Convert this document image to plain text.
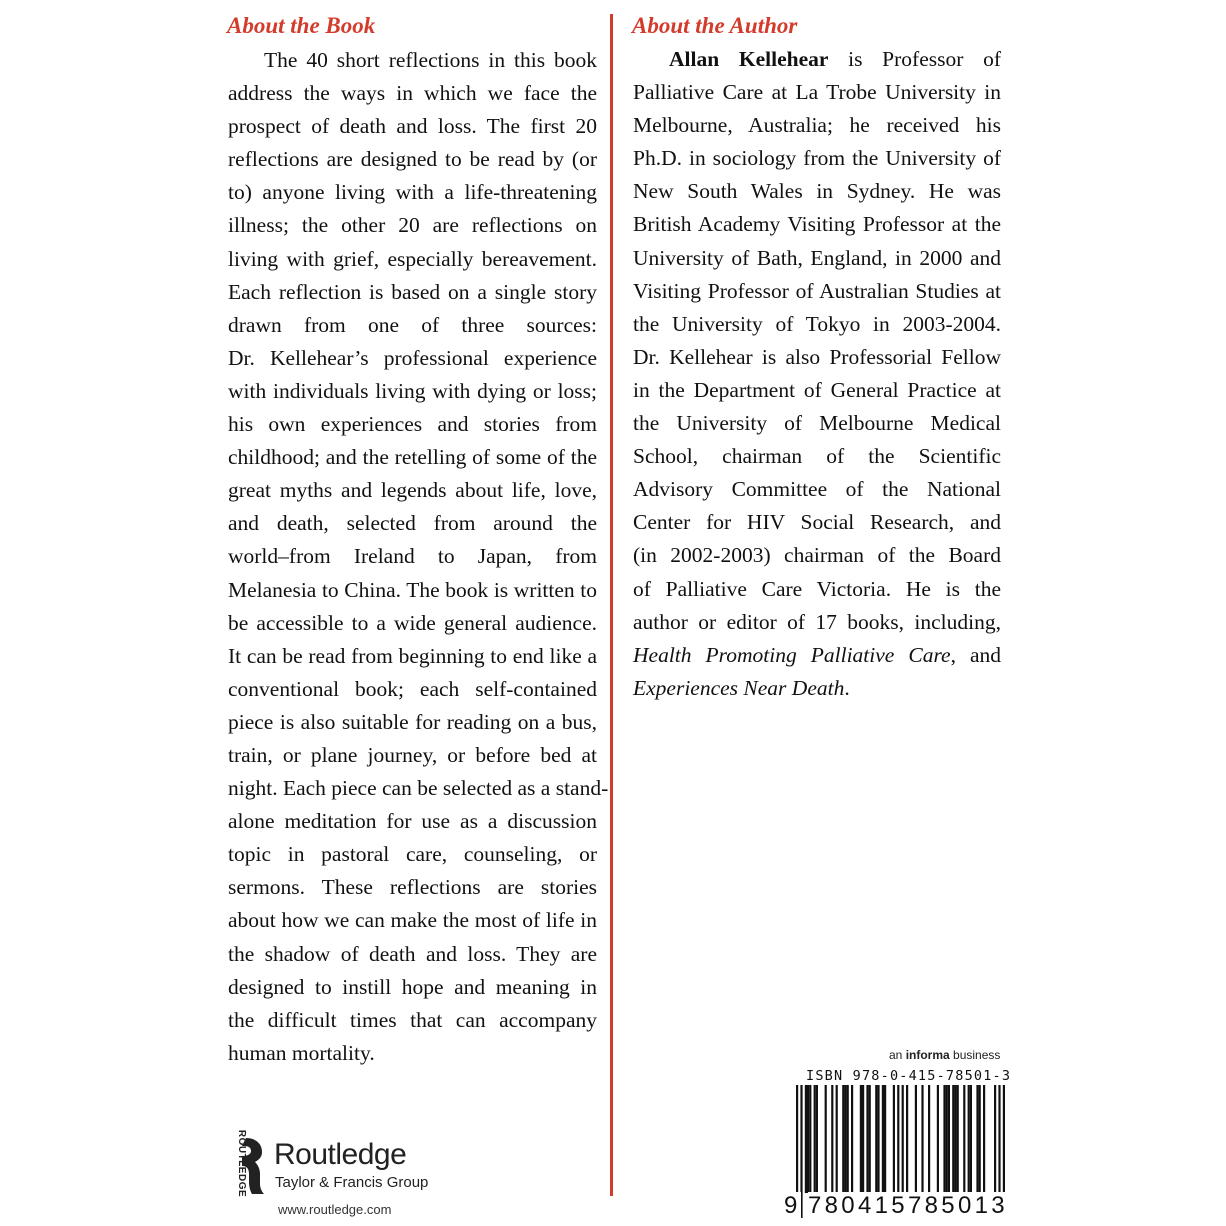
About the Book
The 40 short reflections in this book
address the ways in which we face the
prospect of death and loss. The first 20
reflections are designed to be read by (or
to) anyone living with a life-threatening
illness; the other 20 are reflections on
living with grief, especially bereavement.
Each reflection is based on a single story
drawn from one of three sources:
Dr. Kellehear’s professional experience
with individuals living with dying or loss;
his own experiences and stories from
childhood; and the retelling of some of the
great myths and legends about life, love,
and death, selected from around the
world–from Ireland to Japan, from
Melanesia to China. The book is written to
be accessible to a wide general audience.
It can be read from beginning to end like a
conventional book; each self-contained
piece is also suitable for reading on a bus,
train, or plane journey, or before bed at
night. Each piece can be selected as a stand-
alone meditation for use as a discussion
topic in pastoral care, counseling, or
sermons. These reflections are stories
about how we can make the most of life in
the shadow of death and loss. They are
designed to instill hope and meaning in
the difficult times that can accompany
human mortality.
About the Author
Allan Kellehear is Professor of
Palliative Care at La Trobe University in
Melbourne, Australia; he received his
Ph.D. in sociology from the University of
New South Wales in Sydney. He was
British Academy Visiting Professor at the
University of Bath, England, in 2000 and
Visiting Professor of Australian Studies at
the University of Tokyo in 2003-2004.
Dr. Kellehear is also Professorial Fellow
in the Department of General Practice at
the University of Melbourne Medical
School, chairman of the Scientific
Advisory Committee of the National
Center for HIV Social Research, and
(in 2002-2003) chairman of the Board
of Palliative Care Victoria. He is the
author or editor of 17 books, including,
Health Promoting Palliative Care, and
Experiences Near Death.
ROUTLEDGE Routledge
Taylor & Francis Group
www.routledge.com
an informa business
ISBN 978-0-415-78501-3
9 780415 785013
